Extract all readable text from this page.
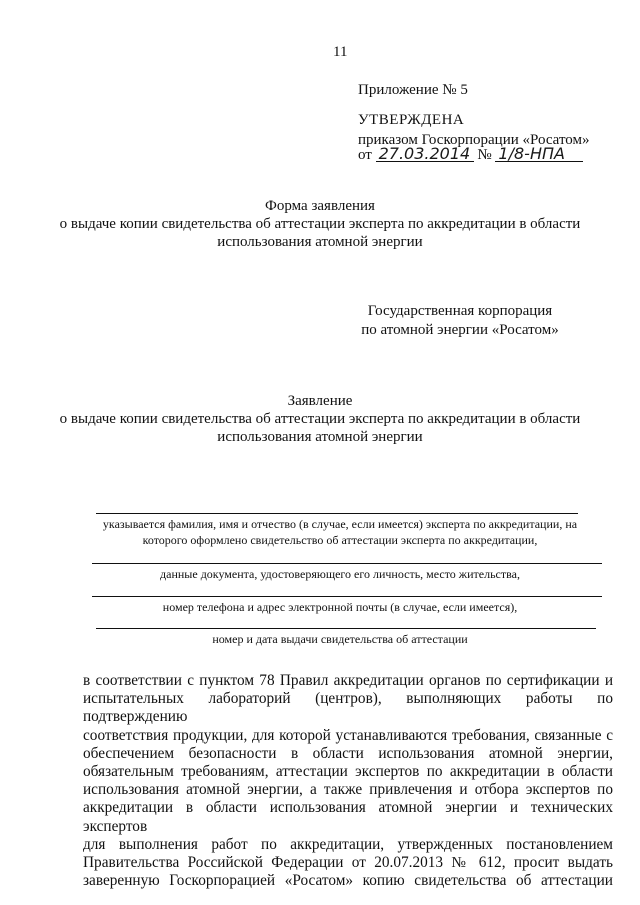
11
Приложение № 5
УТВЕРЖДЕНА
приказом Госкорпорации «Росатом»
от 27.03.2014 № 1/8-НПА
Форма заявления
о выдаче копии свидетельства об аттестации эксперта по аккредитации в области
использования атомной энергии
Государственная корпорация
по атомной энергии «Росатом»
Заявление
о выдаче копии свидетельства об аттестации эксперта по аккредитации в области
использования атомной энергии
указывается фамилия, имя и отчество (в случае, если имеется) эксперта по аккредитации, на
которого оформлено свидетельство об аттестации эксперта по аккредитации,
данные документа, удостоверяющего его личность, место жительства,
номер телефона и адрес электронной почты (в случае, если имеется),
номер и дата выдачи свидетельства об аттестации
в соответствии с пунктом 78 Правил аккредитации органов по сертификации и
испытательных лабораторий (центров), выполняющих работы по подтверждению
соответствия продукции, для которой устанавливаются требования, связанные с
обеспечением безопасности в области использования атомной энергии,
обязательным требованиям, аттестации экспертов по аккредитации в области
использования атомной энергии, а также привлечения и отбора экспертов по
аккредитации в области использования атомной энергии и технических экспертов
для выполнения работ по аккредитации, утвержденных постановлением
Правительства Российской Федерации от 20.07.2013 № 612, просит выдать
заверенную Госкорпорацией «Росатом» копию свидетельства об аттестации
